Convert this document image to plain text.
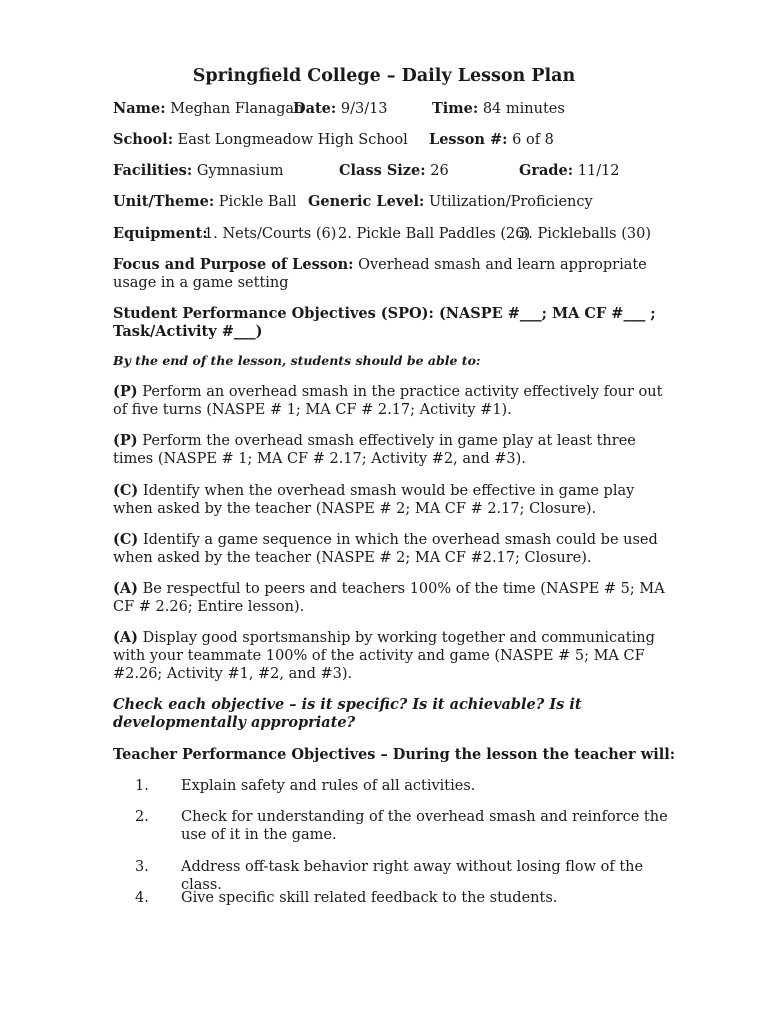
Springfield College – Daily Lesson Plan
Name: Meghan Flanagan
Date: 9/3/13	Time: 84 minutes
School: East Longmeadow High School Lesson #: 6 of 8
Facilities: Gymnasium	Class Size: 26	Grade: 11/12
Unit/Theme: Pickle Ball Generic Level: Utilization/Proficiency
Equipment:
1. Nets/Courts (6) 2. Pickle Ball Paddles (26)
3. Pickleballs (30)
Focus and Purpose of Lesson: Overhead smash and learn appropriate usage in a game setting
Student Performance Objectives (SPO): (NASPE #___; MA CF #___ ;
Task/Activity #___)
By the end of the lesson, students should be able to:
(P) Perform an overhead smash in the practice activity effectively four out of five turns (NASPE # 1; MA CF # 2.17; Activity #1).
(P) Perform the overhead smash effectively in game play at least three times (NASPE # 1; MA CF # 2.17; Activity #2, and #3).
(C) Identify when the overhead smash would be effective in game play when asked by the teacher (NASPE # 2; MA CF # 2.17; Closure).
(C) Identify a game sequence in which the overhead smash could be used when asked by the teacher (NASPE # 2; MA CF #2.17; Closure).
(A) Be respectful to peers and teachers 100% of the time (NASPE # 5; MA CF # 2.26; Entire lesson).
(A) Display good sportsmanship by working together and communicating with your teammate 100% of the activity and game (NASPE # 5; MA CF #2.26; Activity #1, #2, and #3).
Check each objective – is it specific? Is it achievable? Is it developmentally appropriate?
Teacher Performance Objectives – During the lesson the teacher will:
1. Explain safety and rules of all activities.
2. Check for understanding of the overhead smash and reinforce the use of it in the game.
3. Address off-task behavior right away without losing flow of the class.
4. Give specific skill related feedback to the students.
